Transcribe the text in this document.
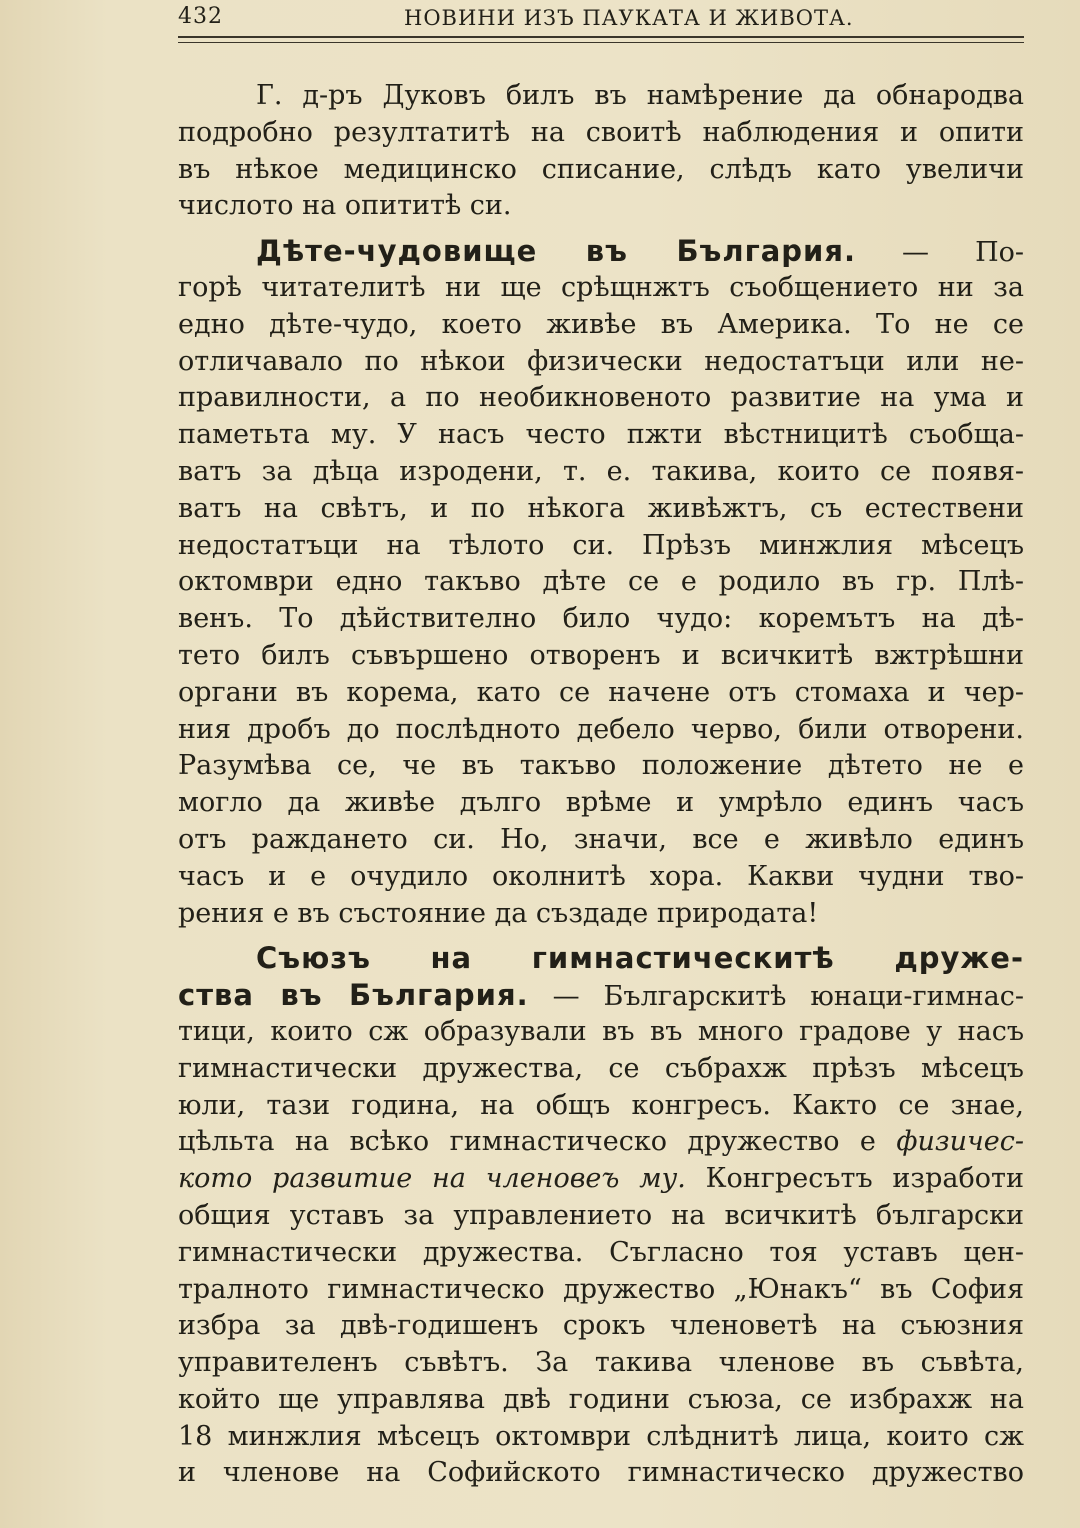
432	НОВИНИ ИЗЪ ПАУКАТА И ЖИВОТА.
Г. д-ръ Дуковъ билъ въ намѣрение да обнародва
подробно резултатитѣ на своитѣ наблюдения и опити
въ нѣкое медицинско списание, слѣдъ като увеличи
числото на опититѣ си.
Дѣте-чудовище въ България. — По-
горѣ читателитѣ ни ще срѣщнжтъ съобщението ни за
едно дѣте-чудо, което живѣе въ Америка. То не се
отличавало по нѣкои физически недостатъци или не-
правилности, а по необикновеното развитие на ума и
паметьта му. У насъ често пжти вѣстницитѣ съобща-
ватъ за дѣца изродени, т. е. такива, които се появя-
ватъ на свѣтъ, и по нѣкога живѣжтъ, съ естествени
недостатъци на тѣлото си. Прѣзъ минжлия мѣсецъ
октомври едно такъво дѣте се е родило въ гр. Плѣ-
венъ. То дѣйствително било чудо: коремътъ на дѣ-
тето билъ съвършено отворенъ и всичкитѣ вжтрѣшни
органи въ корема, като се начене отъ стомаха и чер-
ния дробъ до послѣдното дебело черво, били отворени.
Разумѣва се, че въ такъво положение дѣтето не е
могло да живѣе дълго врѣме и умрѣло единъ часъ
отъ раждането си. Но, значи, все е живѣло единъ
часъ и е очудило околнитѣ хора. Какви чудни тво-
рения е въ състояние да създаде природата!
Съюзъ на гимнастическитѣ друже-
ства въ България. — Българскитѣ юнаци-гимнас-
тици, които сж образували въ въ много градове у насъ
гимнастически дружества, се събрахж прѣзъ мѣсецъ
юли, тази година, на общъ конгресъ. Както се знае,
цѣльта на всѣко гимнастическо дружество е физичес-
кото развитие на членовеъ му. Конгресътъ изработи
общия уставъ за управлението на всичкитѣ български
гимнастически дружества. Съгласно тоя уставъ цен-
тралното гимнастическо дружество „Юнакъ“ въ София
избра за двѣ-годишенъ срокъ членоветѣ на съюзния
управителенъ съвѣтъ. За такива членове въ съвѣта,
който ще управлява двѣ години съюза, се избрахж на
18 минжлия мѣсецъ октомври слѣднитѣ лица, които сж
и членове на Софийското гимнастическо дружество
